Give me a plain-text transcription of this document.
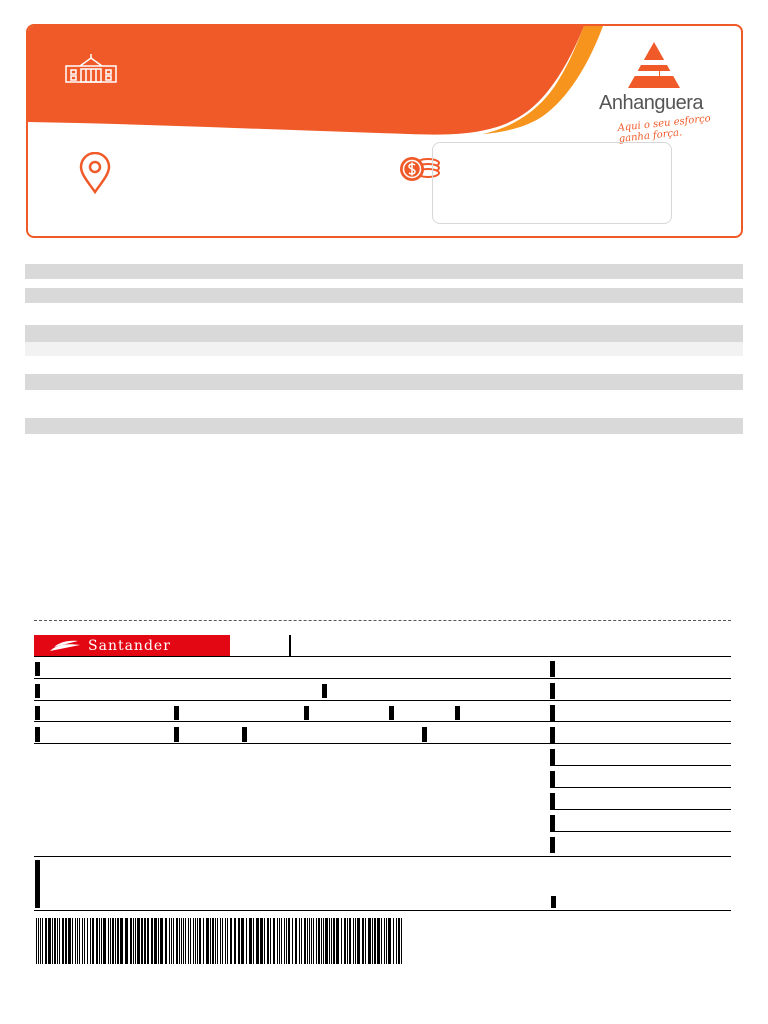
Anhanguera
Aqui o seu esforço ganha força.
Santander
